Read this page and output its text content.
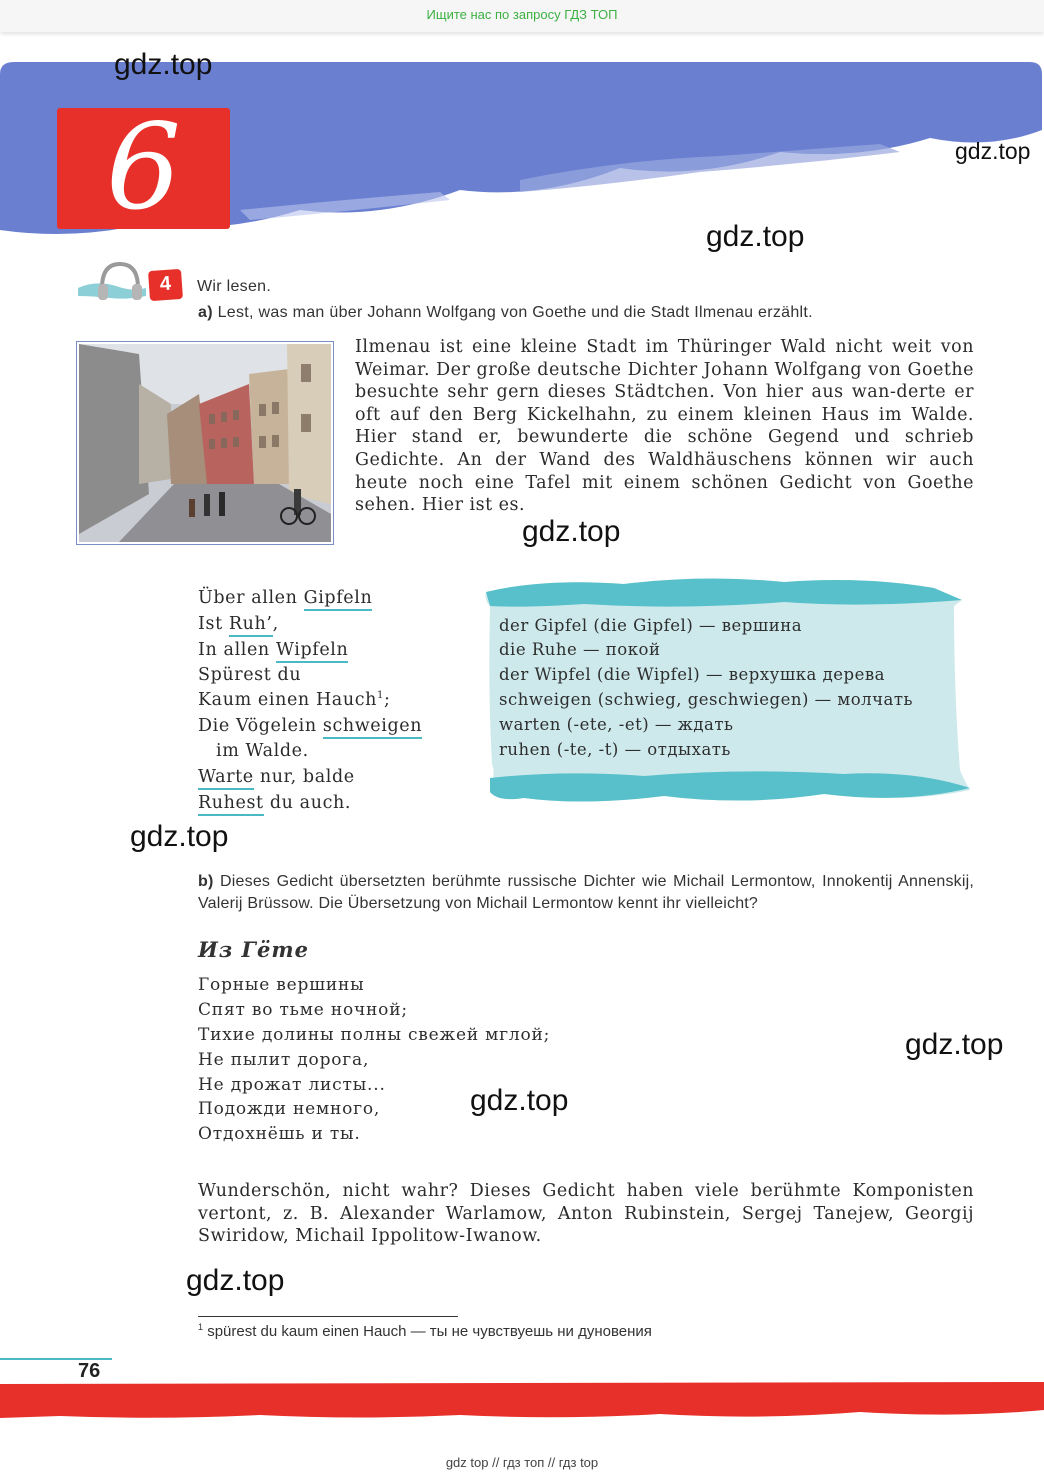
Ищите нас по запросу ГДЗ ТОП
6
gdz.top
gdz.top
gdz.top
gdz.top
gdz.top
gdz.top
gdz.top
gdz.top
4	Wir lesen.
a) Lest, was man über Johann Wolfgang von Goethe und die Stadt Ilmenau erzählt.

Ilmenau ist eine kleine Stadt im Thüringer Wald nicht weit von Weimar. Der große deutsche Dichter Johann Wolfgang von Goethe besuchte sehr gern dieses Städtchen. Von hier aus wan-derte er oft auf den Berg Kickelhahn, zu einem kleinen Haus im Walde. Hier stand er, bewunderte die schöne Gegend und schrieb Gedichte. An der Wand des Waldhäuschens können wir auch heute noch eine Tafel mit einem schönen Gedicht von Goethe sehen. Hier ist es.

Über allen Gipfeln
Ist Ruh’,
In allen Wipfeln
Spürest du
Kaum einen Hauch$^1$;
Die Vögelein schweigen
im Walde.
Warte nur, balde
Ruhest du auch.
der Gipfel (die Gipfel) — вершина
die Ruhe — покой
der Wipfel (die Wipfel) — верхушка дерева
schweigen (schwieg, geschwiegen) — молчать
warten (-ete, -et) — ждать
ruhen (-te, -t) — отдыхать
b) Dieses Gedicht übersetzten berühmte russische Dichter wie Michail Lermontow, Innokentij Annenskij, Valerij Brüssow. Die Übersetzung von Michail Lermontow kennt ihr vielleicht?
Из Гёте
Горные вершины
Спят во тьме ночной;
Тихие долины полны свежей мглой;
Не пылит дорога,
Не дрожат листы...
Подожди немного,
Отдохнёшь и ты.

Wunderschön, nicht wahr? Dieses Gedicht haben viele berühmte Komponisten vertont, z. B. Alexander Warlamow, Anton Rubinstein, Sergej Tanejew, Georgij Swiridow, Michail Ippolitow-Iwanow.

$^1$ spürest du kaum einen Hauch — ты не чувствуешь ни дуновения
76
gdz top // гдз топ // гдз top
